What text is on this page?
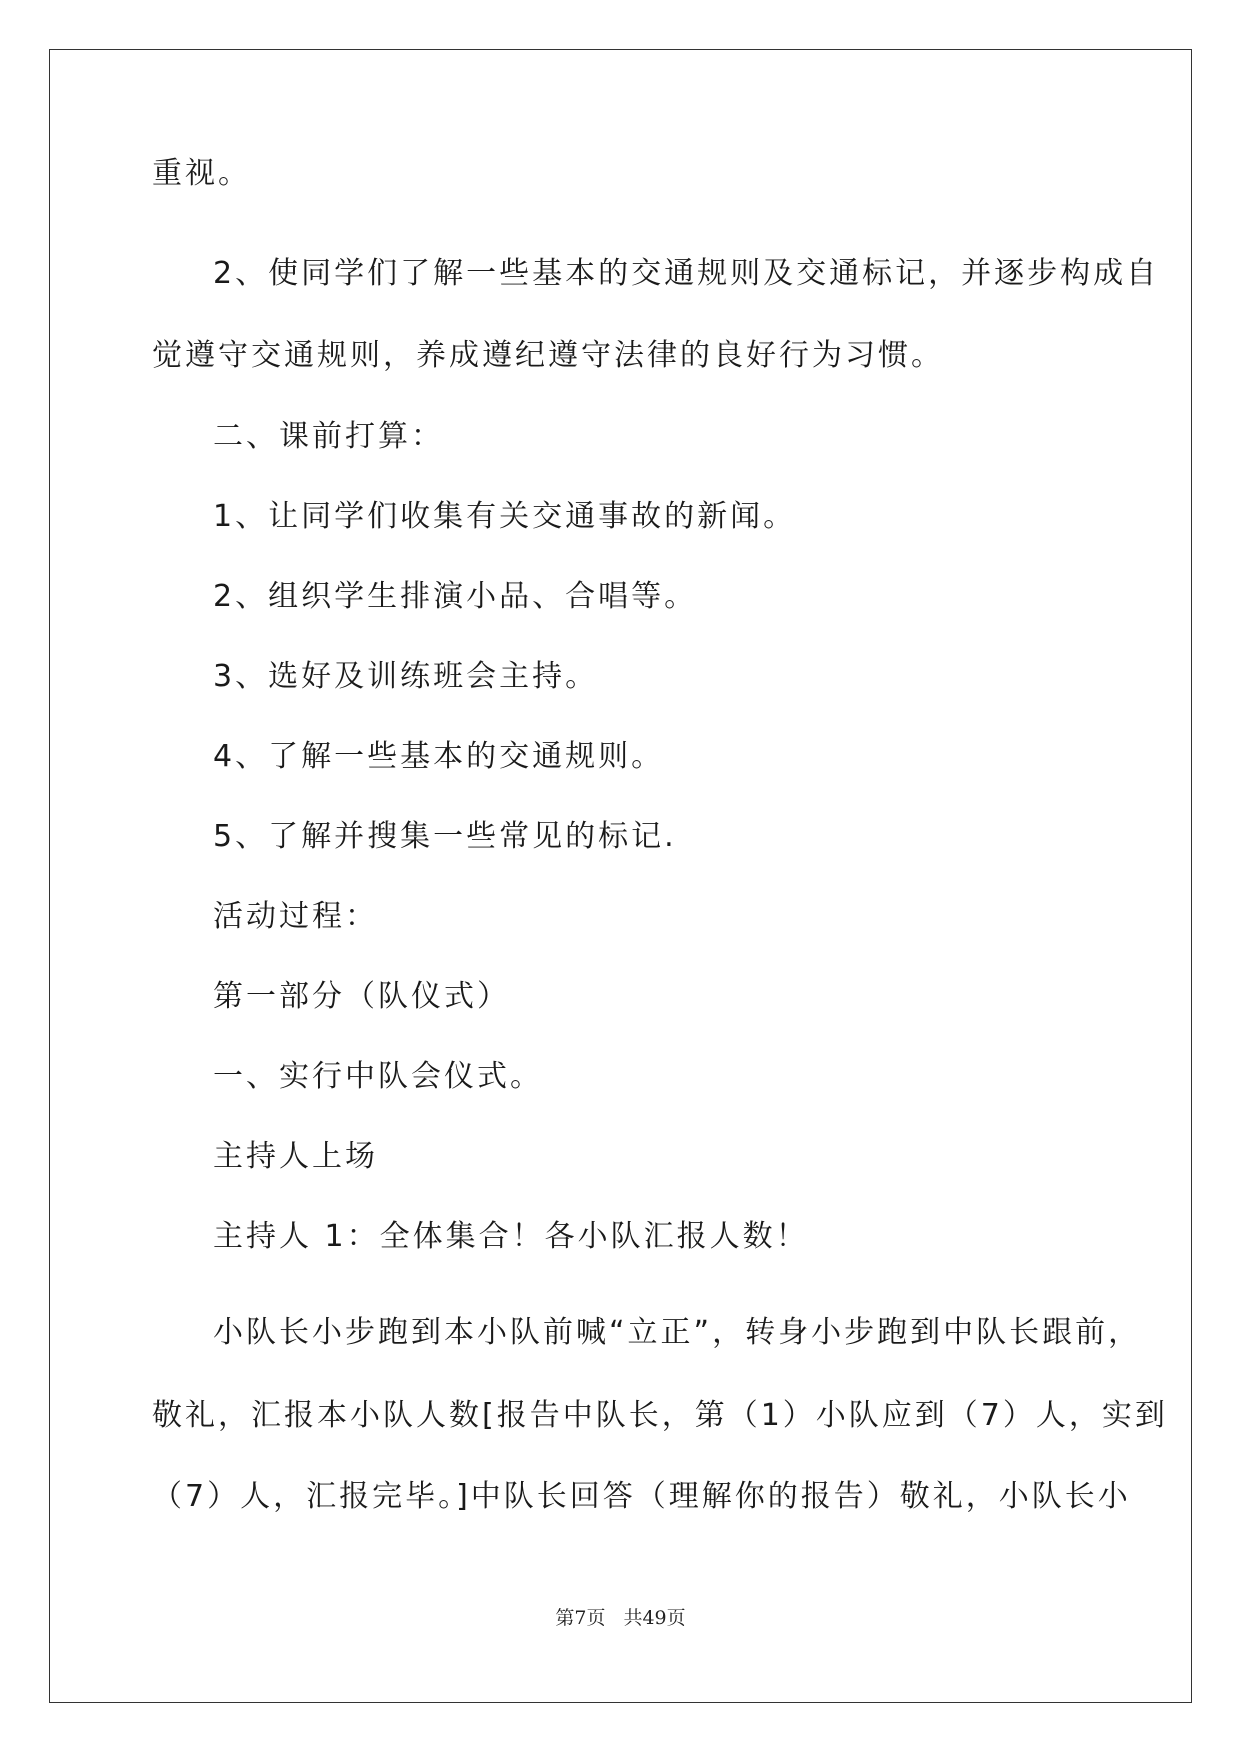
重视。
2、使同学们了解一些基本的交通规则及交通标记，并逐步构成自
觉遵守交通规则，养成遵纪遵守法律的良好行为习惯。
二、课前打算：
1、让同学们收集有关交通事故的新闻。
2、组织学生排演小品、合唱等。
3、选好及训练班会主持。
4、了解一些基本的交通规则。
5、了解并搜集一些常见的标记.
活动过程：
第一部分（队仪式）
一、实行中队会仪式。
主持人上场
主持人 1：全体集合！各小队汇报人数！
小队长小步跑到本小队前喊“立正”，转身小步跑到中队长跟前，
敬礼，汇报本小队人数[报告中队长，第（1）小队应到（7）人，实到
（7）人，汇报完毕。]中队长回答（理解你的报告）敬礼，小队长小
第7页 共49页
